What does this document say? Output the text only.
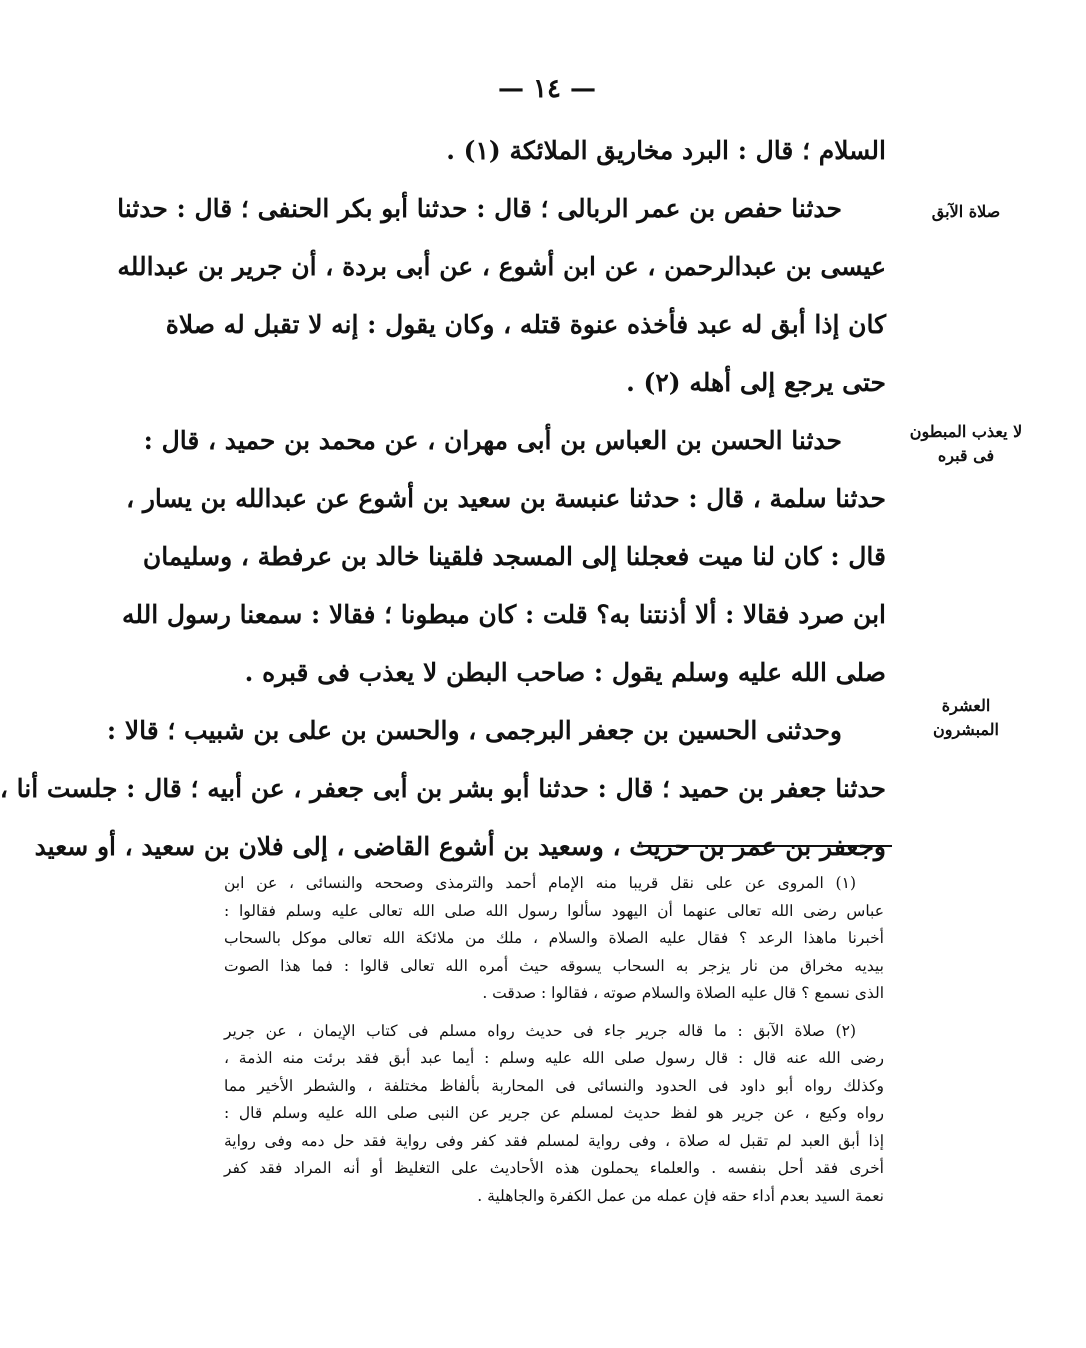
— ١٤ —
السلام ؛ قال : البرد مخاريق الملائكة (١) .
حدثنا حفص بن عمر الربالى ؛ قال : حدثنا أبو بكر الحنفى ؛ قال : حدثنا
عيسى بن عبدالرحمن ، عن ابن أشوع ، عن أبى بردة ، أن جرير بن عبدالله
كان إذا أبق له عبد فأخذه عنوة قتله ، وكان يقول : إنه لا تقبل له صلاة
حتى يرجع إلى أهله (٢) .
حدثنا الحسن بن العباس بن أبى مهران ، عن محمد بن حميد ، قال :
حدثنا سلمة ، قال : حدثنا عنبسة بن سعيد بن أشوع عن عبدالله بن يسار ،
قال : كان لنا ميت فعجلنا إلى المسجد فلقينا خالد بن عرفطة ، وسليمان
ابن صرد فقالا : ألا أذنتنا به؟ قلت : كان مبطونا ؛ فقالا : سمعنا رسول الله
صلى الله عليه وسلم يقول : صاحب البطن لا يعذب فى قبره .
وحدثنى الحسين بن جعفر البرجمى ، والحسن بن على بن شبيب ؛ قالا :
حدثنا جعفر بن حميد ؛ قال : حدثنا أبو بشر بن أبى جعفر ، عن أبيه ؛ قال : جلست أنا ،
وجعفر بن عمر بن حريث ، وسعيد بن أشوع القاضى ، إلى فلان بن سعيد ، أو سعيد
صلاة الآبق
لا يعذب المبطون فى قبره
العشرة المبشرون
(١) المروى عن على نقل قريبا منه الإمام أحمد والترمذى وصححه والنسائى ، عن ابن
عباس رضى الله تعالى عنهما أن اليهود سألوا رسول الله صلى الله تعالى عليه وسلم فقالوا :
أخبرنا ماهذا الرعد ؟ فقال عليه الصلاة والسلام ، ملك من ملائكة الله تعالى موكل بالسحاب
بيديه مخراق من نار يزجر به السحاب يسوقه حيث أمره الله تعالى قالوا : فما هذا الصوت
الذى نسمع ؟ قال عليه الصلاة والسلام صوته ، فقالوا : صدقت .
(٢) صلاة الآبق : ما قاله جرير جاء فى حديث رواه مسلم فى كتاب الإيمان ، عن جرير
رضى الله عنه قال : قال رسول صلى الله عليه وسلم : أيما عبد أبق فقد برئت منه الذمة ،
وكذلك رواه أبو داود فى الحدود والنسائى فى المحاربة بألفاظ مختلفة ، والشطر الأخير مما
رواه وكيع ، عن جرير هو لفظ حديث لمسلم عن جرير عن النبى صلى الله عليه وسلم قال :
إذا أبق العبد لم تقبل له صلاة ، وفى رواية لمسلم فقد كفر وفى رواية فقد حل دمه وفى رواية
أخرى فقد أحل بنفسه . والعلماء يحملون هذه الأحاديث على التغليظ أو أنه المراد فقد كفر
نعمة السيد بعدم أداء حقه فإن عمله من عمل الكفرة والجاهلية .
